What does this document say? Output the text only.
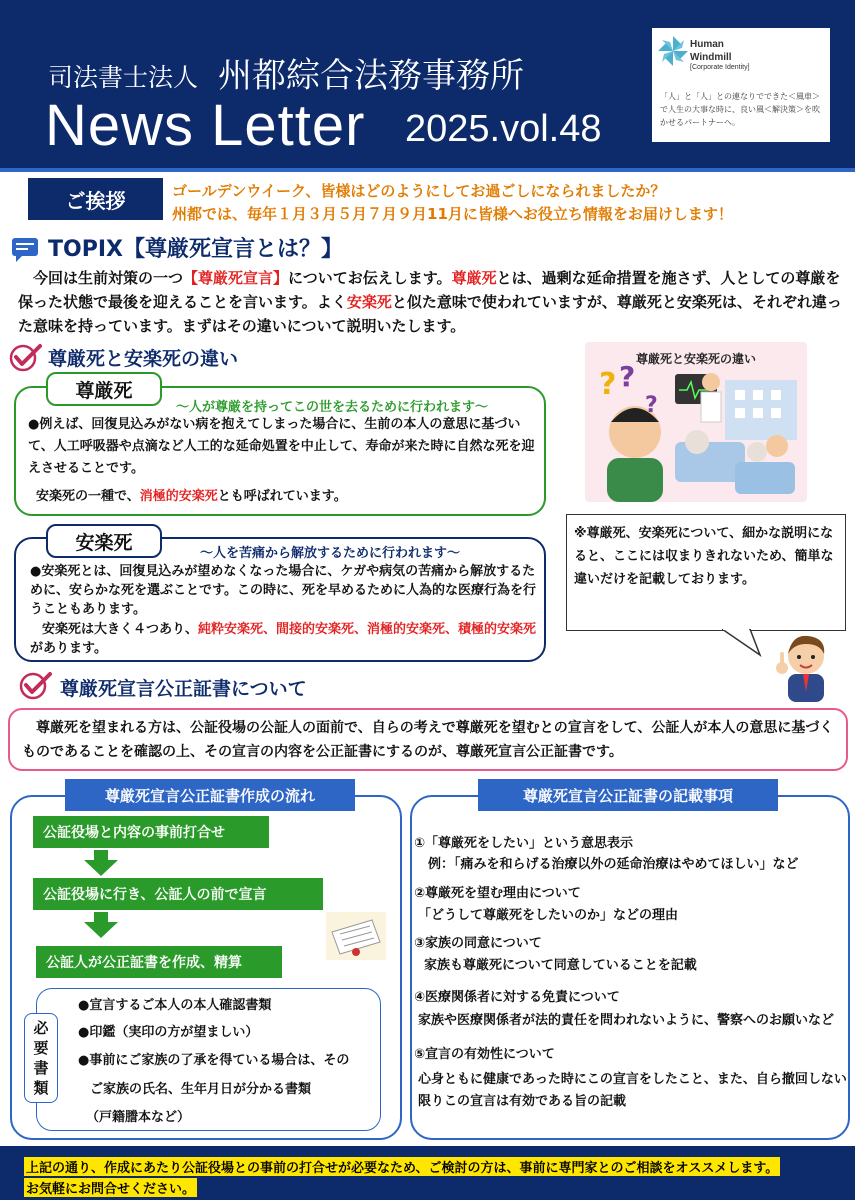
司法書士法人 州都綜合法務事務所
News Letter 2025.vol.48
Human
Windmill
[Corporate Identity]
「人」と「人」との連なりでできた＜風車＞で人生の大事な時に、良い風＜解決策＞を吹かせるパートナーへ。
ご挨拶	ゴールデンウイーク、皆様はどのようにしてお過ごしになられましたか？
州都では、毎年１月３月５月７月９月11月に皆様へお役立ち情報をお届けします！
TOPIX【尊厳死宣言とは？】
　今回は生前対策の一つ【尊厳死宣言】についてお伝えします。尊厳死とは、過剰な延命措置を施さず、人としての尊厳を保った状態で最後を迎えることを言います。よく安楽死と似た意味で使われていますが、尊厳死と安楽死は、それぞれ違った意味を持っています。まずはその違いについて説明いたします。
尊厳死と安楽死の違い
尊厳死
～人が尊厳を持ってこの世を去るために行われます～
●例えば、回復見込みがない病を抱えてしまった場合に、生前の本人の意思に基づいて、人工呼吸器や点滴など人工的な延命処置を中止して、寿命が来た時に自然な死を迎えさせることです。
安楽死の一種で、消極的安楽死とも呼ばれています。
安楽死	～人を苦痛から解放するために行われます～
●安楽死とは、回復見込みが望めなくなった場合に、ケガや病気の苦痛から解放するために、安らかな死を選ぶことです。この時に、死を早めるために人為的な医療行為を行うこともあります。
安楽死は大きく４つあり、純粋安楽死、間接的安楽死、消極的安楽死、積極的安楽死があります。
? ?
?
尊厳死と安楽死の違い
※尊厳死、安楽死について、細かな説明になると、ここには収まりきれないため、簡単な違いだけを記載しております。
尊厳死宣言公正証書について
尊厳死を望まれる方は、公証役場の公証人の面前で、自らの考えで尊厳死を望むとの宣言をして、公証人が本人の意思に基づくものであることを確認の上、その宣言の内容を公正証書にするのが、尊厳死宣言公正証書です。
尊厳死宣言公正証書作成の流れ
公証役場と内容の事前打合せ
公証役場に行き、公証人の前で宣言
公証人が公正証書を作成、精算
必
要
書
類
●宣言するご本人の本人確認書類
●印鑑（実印の方が望ましい）
●事前にご家族の了承を得ている場合は、その
ご家族の氏名、生年月日が分かる書類
（戸籍謄本など）
尊厳死宣言公正証書の記載事項
①「尊厳死をしたい」という意思表示
例：「痛みを和らげる治療以外の延命治療はやめてほしい」など
②尊厳死を望む理由について
「どうして尊厳死をしたいのか」などの理由
③家族の同意について
家族も尊厳死について同意していることを記載
④医療関係者に対する免責について
家族や医療関係者が法的責任を問われないように、警察へのお願いなど
⑤宣言の有効性について
心身ともに健康であった時にこの宣言をしたこと、また、自ら撤回しない
限りこの宣言は有効である旨の記載
上記の通り、作成にあたり公証役場との事前の打合せが必要なため、ご検討の方は、事前に専門家とのご相談をオススメします。
お気軽にお問合せください。
